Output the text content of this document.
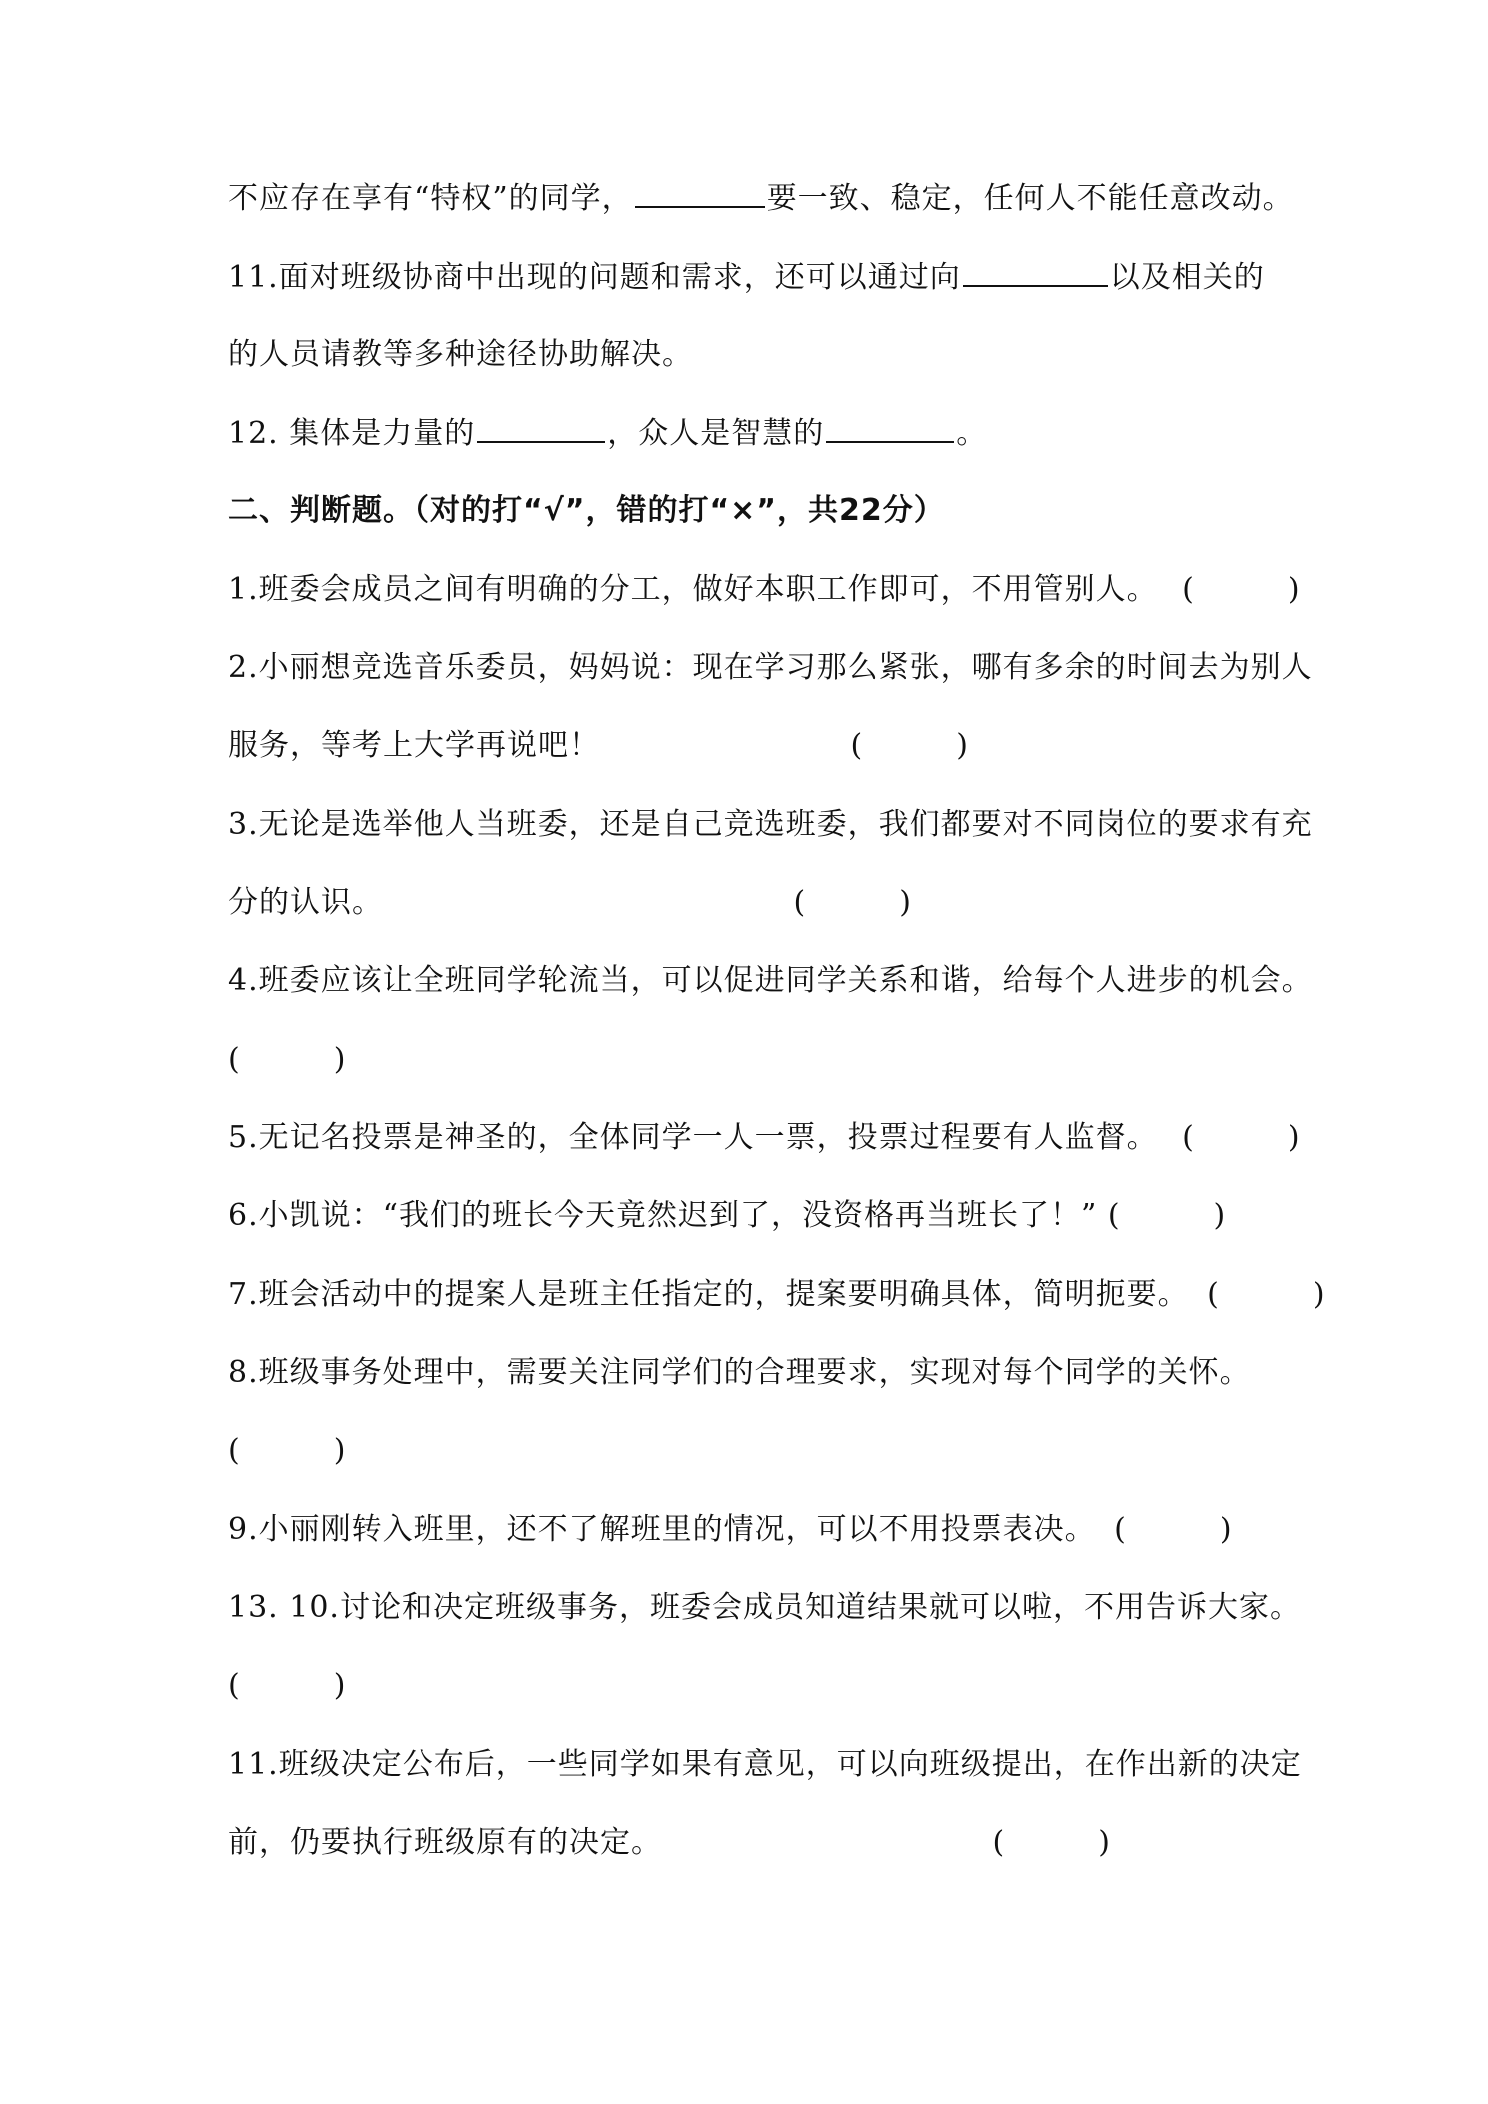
不应存在享有“特权”的同学，	要一致、稳定，任何人不能任意改动。
11.面对班级协商中出现的问题和需求，还可以通过向	以及相关的
的人员请教等多种途径协助解决。
12. 集体是力量的	，众人是智慧的	。
二、判断题。（对的打“√”，错的打“×”，共22分）
1.班委会成员之间有明确的分工，做好本职工作即可，不用管别人。 (　　　)
2.小丽想竞选音乐委员，妈妈说：现在学习那么紧张，哪有多余的时间去为别人
服务，等考上大学再说吧！	(　　　)
3.无论是选举他人当班委，还是自己竞选班委，我们都要对不同岗位的要求有充
分的认识。	(　　　)
4.班委应该让全班同学轮流当，可以促进同学关系和谐，给每个人进步的机会。
(　　　)
5.无记名投票是神圣的，全体同学一人一票，投票过程要有人监督。 (　　　)
6.小凯说：“我们的班长今天竟然迟到了，没资格再当班长了！” (　　　)
7.班会活动中的提案人是班主任指定的，提案要明确具体，简明扼要。 (　　　)
8.班级事务处理中，需要关注同学们的合理要求，实现对每个同学的关怀。
(　　　)
9.小丽刚转入班里，还不了解班里的情况，可以不用投票表决。 (　　　)
13. 10.讨论和决定班级事务，班委会成员知道结果就可以啦，不用告诉大家。
(　　　)
11.班级决定公布后，一些同学如果有意见，可以向班级提出，在作出新的决定
前，仍要执行班级原有的决定。	(　　　)
